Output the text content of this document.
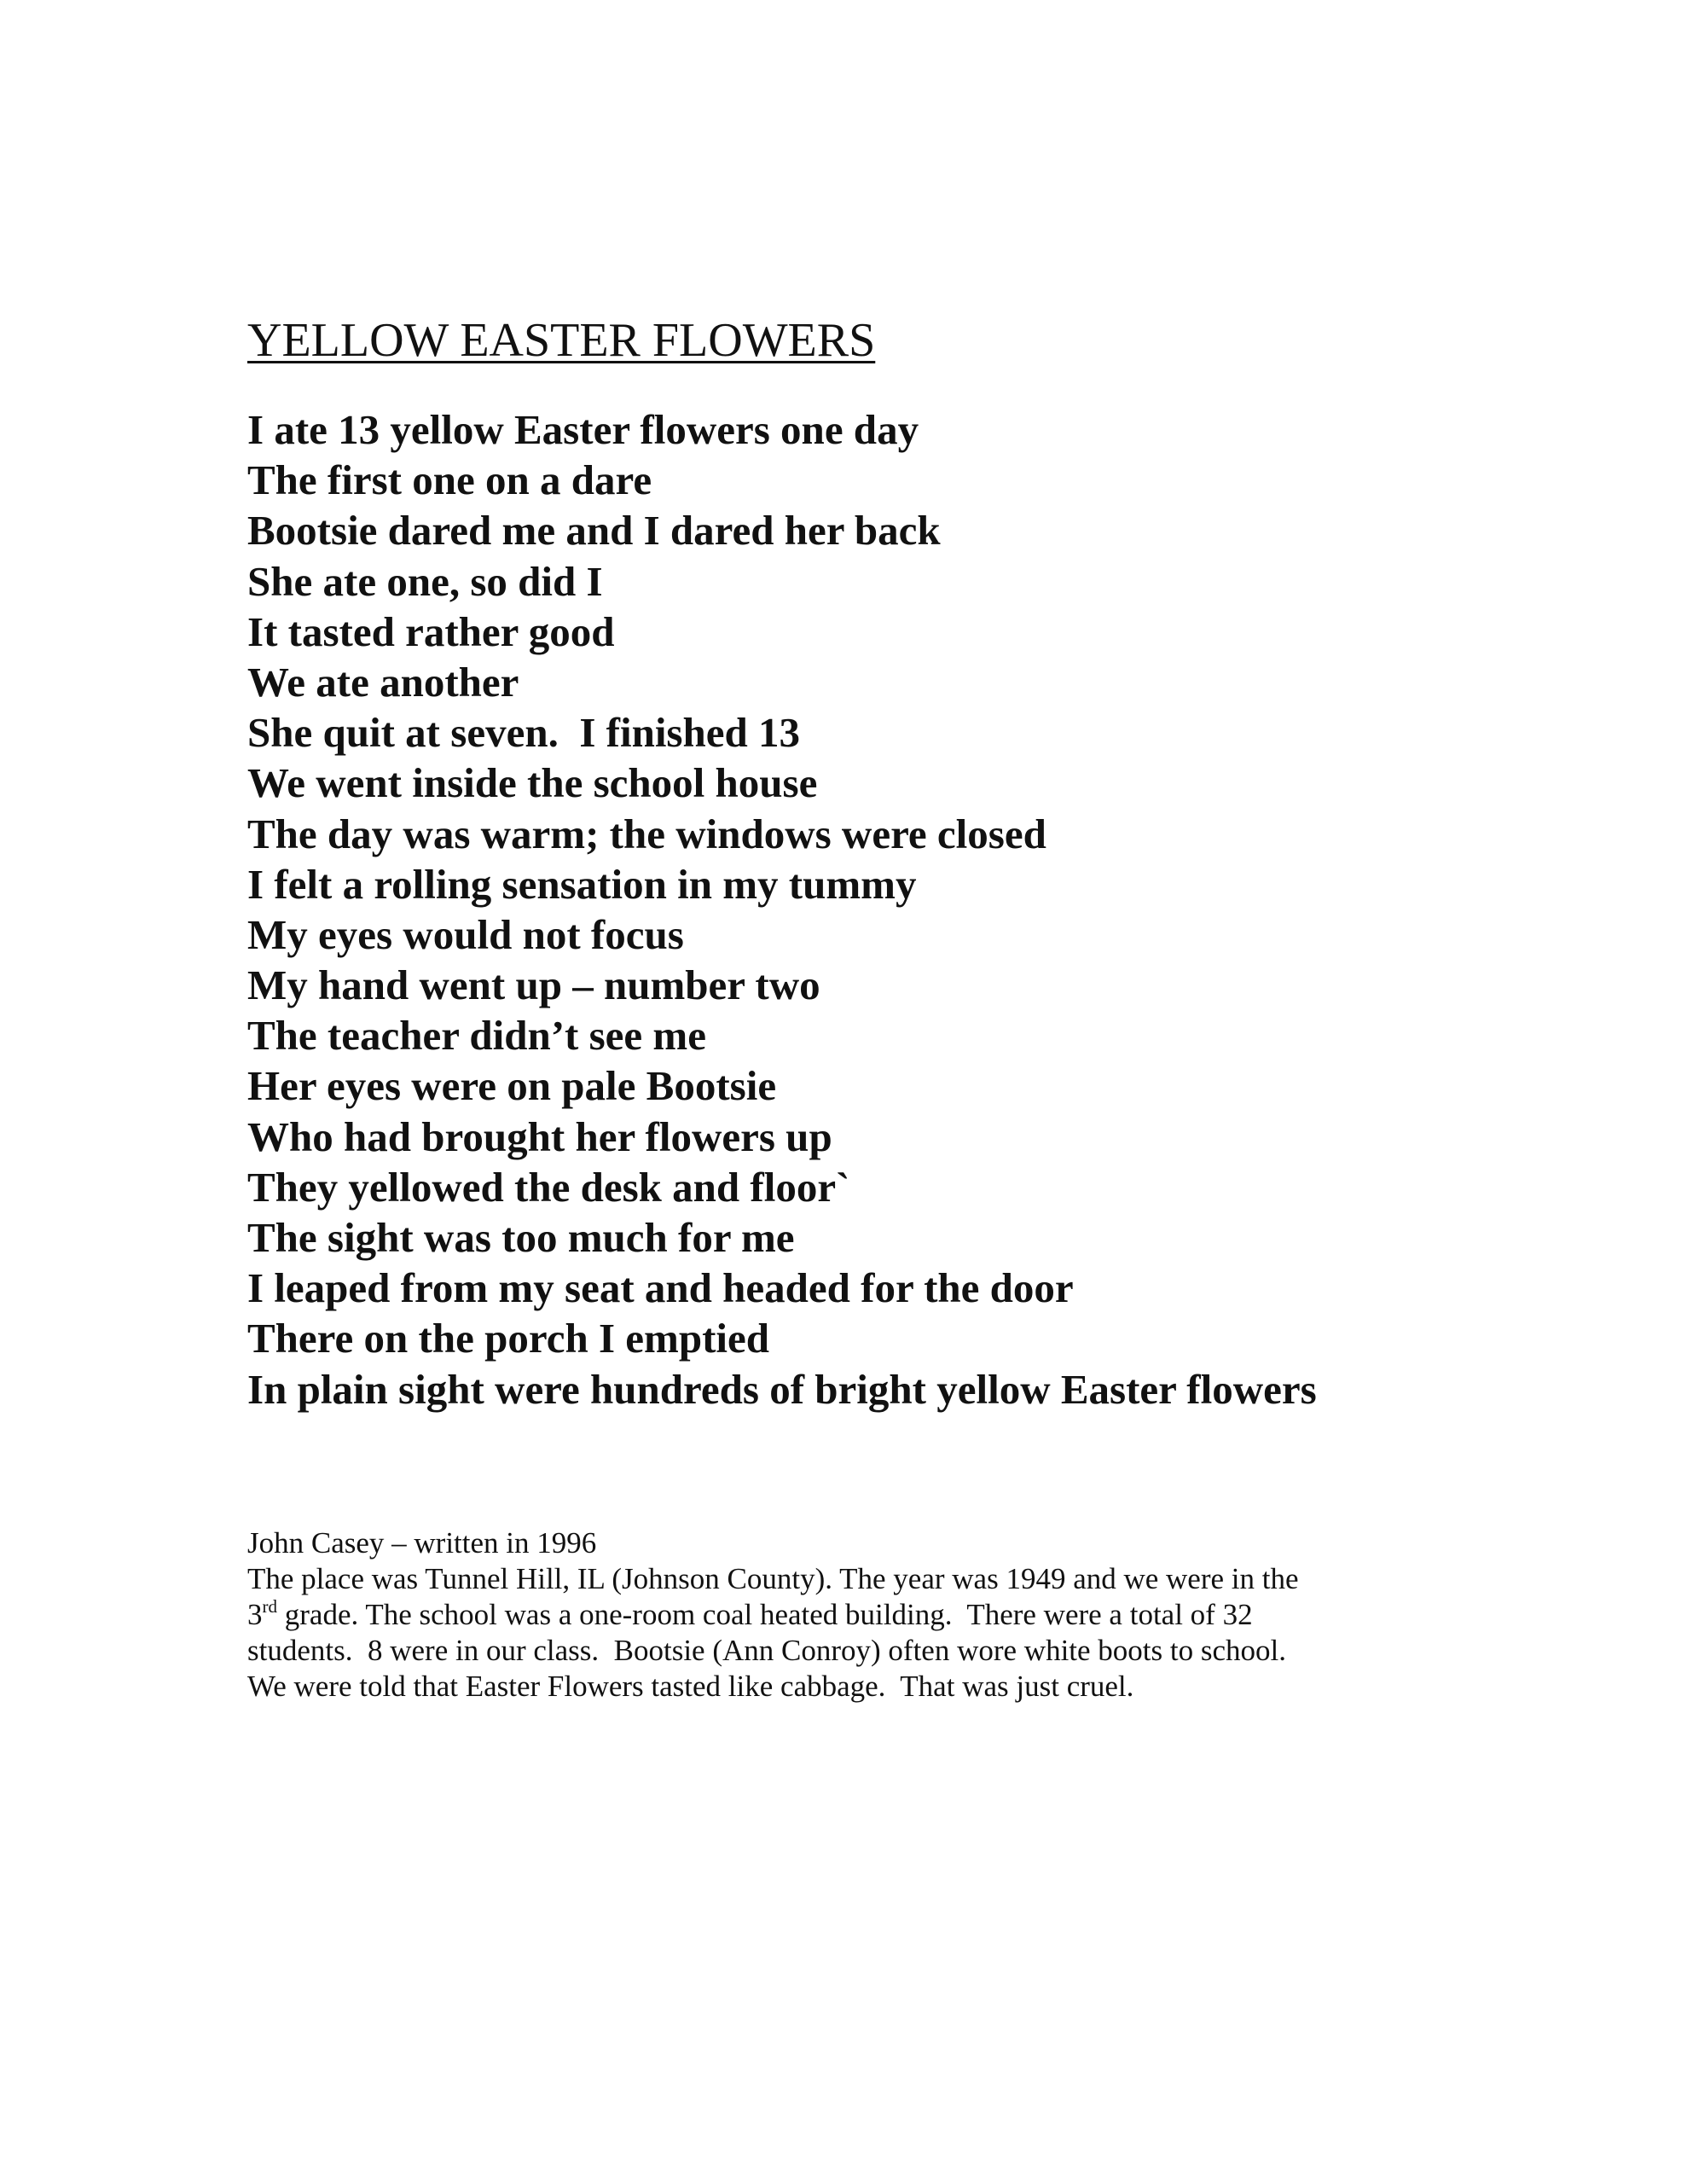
YELLOW EASTER FLOWERS
I ate 13 yellow Easter flowers one day
The first one on a dare
Bootsie dared me and I dared her back
She ate one, so did I
It tasted rather good
We ate another
She quit at seven.  I finished 13
We went inside the school house
The day was warm; the windows were closed
I felt a rolling sensation in my tummy
My eyes would not focus
My hand went up – number two
The teacher didn’t see me
Her eyes were on pale Bootsie
Who had brought her flowers up
They yellowed the desk and floor`
The sight was too much for me
I leaped from my seat and headed for the door
There on the porch I emptied
In plain sight were hundreds of bright yellow Easter flowers
John Casey – written in 1996
The place was Tunnel Hill, IL (Johnson County). The year was 1949 and we were in the
3rd grade. The school was a one-room coal heated building.  There were a total of 32
students.  8 were in our class.  Bootsie (Ann Conroy) often wore white boots to school.
We were told that Easter Flowers tasted like cabbage.  That was just cruel.
